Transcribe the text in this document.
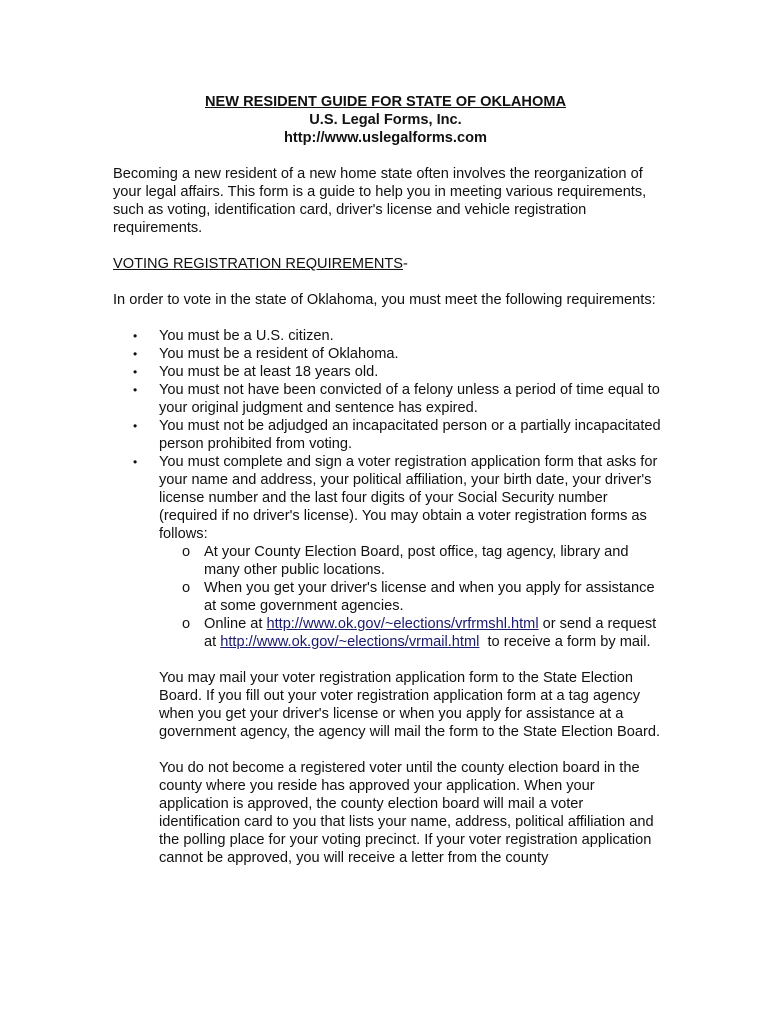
NEW RESIDENT GUIDE FOR STATE OF OKLAHOMA
U.S. Legal Forms, Inc.
http://www.uslegalforms.com

Becoming a new resident of a new home state often involves the reorganization of your legal affairs. This form is a guide to help you in meeting various requirements, such as voting, identification card, driver's license and vehicle registration requirements.

VOTING REGISTRATION REQUIREMENTS-

In order to vote in the state of Oklahoma, you must meet the following requirements:

• You must be a U.S. citizen.
• You must be a resident of Oklahoma.
• You must be at least 18 years old.
• You must not have been convicted of a felony unless a period of time equal to your original judgment and sentence has expired.
• You must not be adjudged an incapacitated person or a partially incapacitated person prohibited from voting.
• You must complete and sign a voter registration application form that asks for your name and address, your political affiliation, your birth date, your driver's license number and the last four digits of your Social Security number (required if no driver's license). You may obtain a voter registration forms as follows:
o At your County Election Board, post office, tag agency, library and many other public locations.
o When you get your driver's license and when you apply for assistance at some government agencies.
o Online at http://www.ok.gov/~elections/vrfrmshl.html or send a request at http://www.ok.gov/~elections/vrmail.html  to receive a form by mail.

You may mail your voter registration application form to the State Election Board. If you fill out your voter registration application form at a tag agency when you get your driver's license or when you apply for assistance at a government agency, the agency will mail the form to the State Election Board.

You do not become a registered voter until the county election board in the county where you reside has approved your application. When your application is approved, the county election board will mail a voter identification card to you that lists your name, address, political affiliation and the polling place for your voting precinct. If your voter registration application cannot be approved, you will receive a letter from the county
